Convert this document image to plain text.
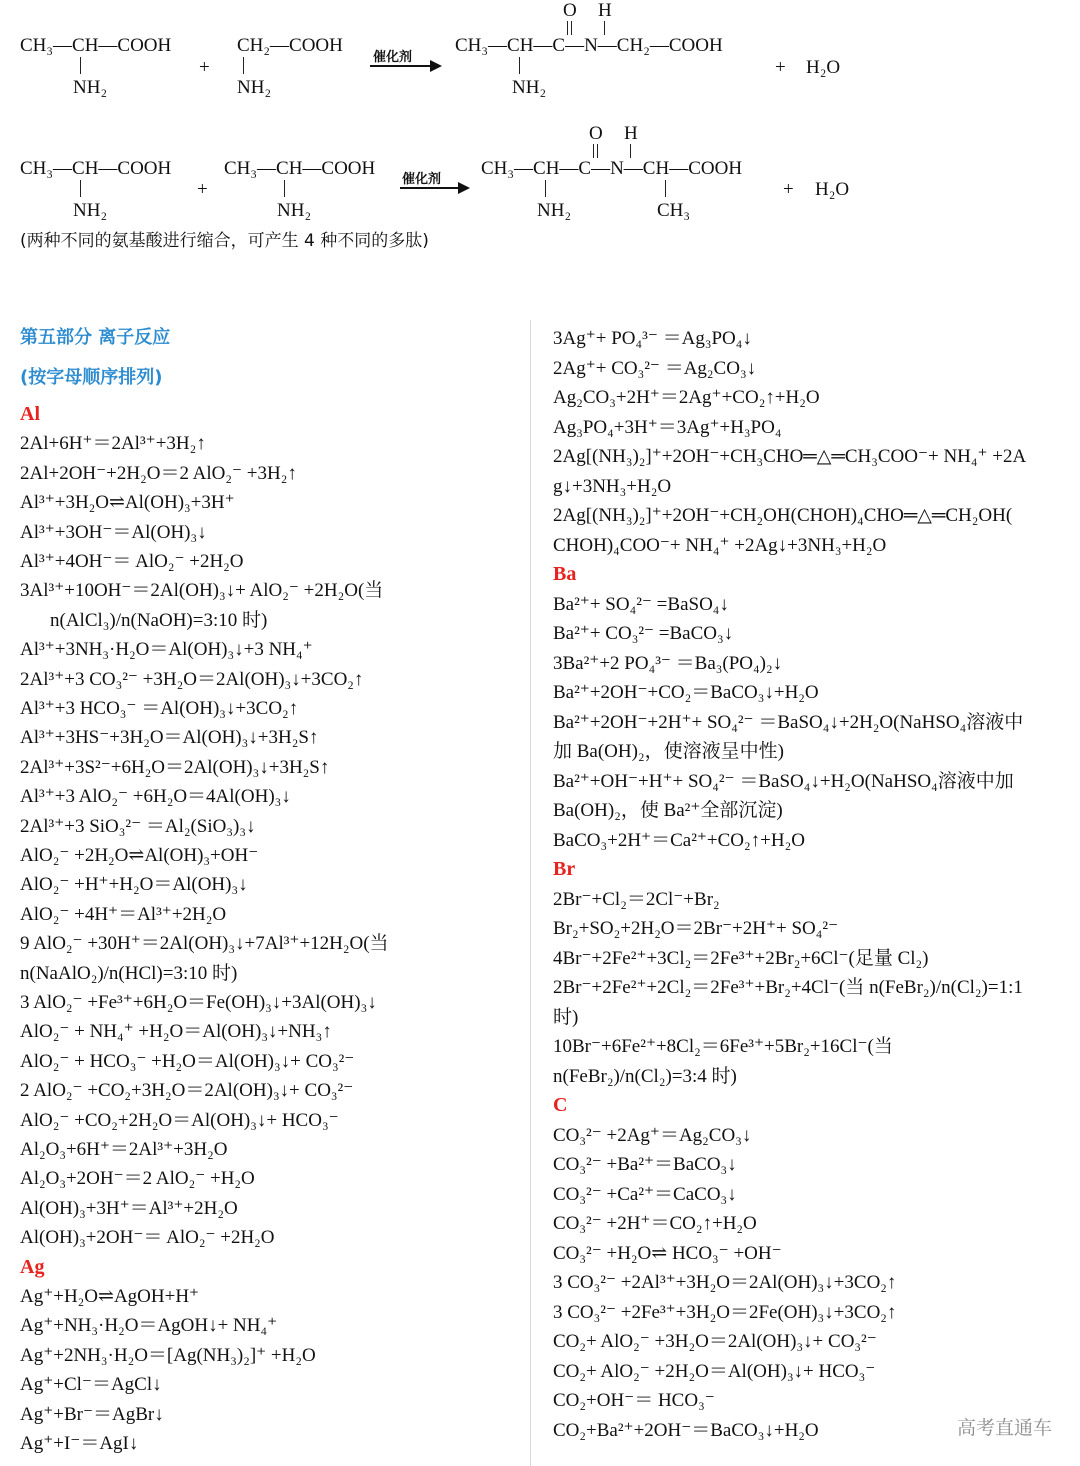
CH₃—CH—COOH
NH₂
+
CH₂—COOH
NH₂
催化剂
O H
CH₃—CH—C—N—CH₂—COOH
NH₂
+ H₂O
CH₃—CH—COOH
NH₂
+
CH₃—CH—COOH
NH₂
催化剂
O H
CH₃—CH—C—N—CH—COOH
NH₂	CH₃
+ H₂O
(两种不同的氨基酸进行缩合，可产生 4 种不同的多肽)
第五部分 离子反应
(按字母顺序排列)
Al
2Al+6H⁺＝2Al³⁺+3H₂↑
2Al+2OH⁻+2H₂O＝2 AlO₂⁻ +3H₂↑
Al³⁺+3H₂O⇌Al(OH)₃+3H⁺
Al³⁺+3OH⁻＝Al(OH)₃↓
Al³⁺+4OH⁻＝ AlO₂⁻ +2H₂O
3Al³⁺+10OH⁻＝2Al(OH)₃↓+ AlO₂⁻ +2H₂O(当
n(AlCl₃)/n(NaOH)=3:10 时)
Al³⁺+3NH₃·H₂O＝Al(OH)₃↓+3 NH₄⁺
2Al³⁺+3 CO₃²⁻ +3H₂O＝2Al(OH)₃↓+3CO₂↑
Al³⁺+3 HCO₃⁻ ＝Al(OH)₃↓+3CO₂↑
Al³⁺+3HS⁻+3H₂O＝Al(OH)₃↓+3H₂S↑
2Al³⁺+3S²⁻+6H₂O＝2Al(OH)₃↓+3H₂S↑
Al³⁺+3 AlO₂⁻ +6H₂O＝4Al(OH)₃↓
2Al³⁺+3 SiO₃²⁻ ＝Al₂(SiO₃)₃↓
AlO₂⁻ +2H₂O⇌Al(OH)₃+OH⁻
AlO₂⁻ +H⁺+H₂O＝Al(OH)₃↓
AlO₂⁻ +4H⁺＝Al³⁺+2H₂O
9 AlO₂⁻ +30H⁺＝2Al(OH)₃↓+7Al³⁺+12H₂O(当
n(NaAlO₂)/n(HCl)=3:10 时)
3 AlO₂⁻ +Fe³⁺+6H₂O＝Fe(OH)₃↓+3Al(OH)₃↓
AlO₂⁻ + NH₄⁺ +H₂O＝Al(OH)₃↓+NH₃↑
AlO₂⁻ + HCO₃⁻ +H₂O＝Al(OH)₃↓+ CO₃²⁻
2 AlO₂⁻ +CO₂+3H₂O＝2Al(OH)₃↓+ CO₃²⁻
AlO₂⁻ +CO₂+2H₂O＝Al(OH)₃↓+ HCO₃⁻
Al₂O₃+6H⁺＝2Al³⁺+3H₂O
Al₂O₃+2OH⁻＝2 AlO₂⁻ +H₂O
Al(OH)₃+3H⁺＝Al³⁺+2H₂O
Al(OH)₃+2OH⁻＝ AlO₂⁻ +2H₂O
Ag
Ag⁺+H₂O⇌AgOH+H⁺
Ag⁺+NH₃·H₂O＝AgOH↓+ NH₄⁺
Ag⁺+2NH₃·H₂O＝[Ag(NH₃)₂]⁺ +H₂O
Ag⁺+Cl⁻＝AgCl↓
Ag⁺+Br⁻＝AgBr↓
Ag⁺+I⁻＝AgI↓
3Ag⁺+ PO₄³⁻ ＝Ag₃PO₄↓
2Ag⁺+ CO₃²⁻ ＝Ag₂CO₃↓
Ag₂CO₃+2H⁺＝2Ag⁺+CO₂↑+H₂O
Ag₃PO₄+3H⁺＝3Ag⁺+H₃PO₄
2Ag[(NH₃)₂]⁺+2OH⁻+CH₃CHO═△═CH₃COO⁻+ NH₄⁺ +2A
g↓+3NH₃+H₂O
2Ag[(NH₃)₂]⁺+2OH⁻+CH₂OH(CHOH)₄CHO═△═CH₂OH(
CHOH)₄COO⁻+ NH₄⁺ +2Ag↓+3NH₃+H₂O
Ba
Ba²⁺+ SO₄²⁻ =BaSO₄↓
Ba²⁺+ CO₃²⁻ =BaCO₃↓
3Ba²⁺+2 PO₄³⁻ ＝Ba₃(PO₄)₂↓
Ba²⁺+2OH⁻+CO₂＝BaCO₃↓+H₂O
Ba²⁺+2OH⁻+2H⁺+ SO₄²⁻ ＝BaSO₄↓+2H₂O(NaHSO₄溶液中
加 Ba(OH)₂，使溶液呈中性)
Ba²⁺+OH⁻+H⁺+ SO₄²⁻ ＝BaSO₄↓+H₂O(NaHSO₄溶液中加
Ba(OH)₂，使 Ba²⁺全部沉淀)
BaCO₃+2H⁺＝Ca²⁺+CO₂↑+H₂O
Br
2Br⁻+Cl₂＝2Cl⁻+Br₂
Br₂+SO₂+2H₂O＝2Br⁻+2H⁺+ SO₄²⁻
4Br⁻+2Fe²⁺+3Cl₂＝2Fe³⁺+2Br₂+6Cl⁻(足量 Cl₂)
2Br⁻+2Fe²⁺+2Cl₂＝2Fe³⁺+Br₂+4Cl⁻(当 n(FeBr₂)/n(Cl₂)=1:1
时)
10Br⁻+6Fe²⁺+8Cl₂＝6Fe³⁺+5Br₂+16Cl⁻(当
n(FeBr₂)/n(Cl₂)=3:4 时)
C
CO₃²⁻ +2Ag⁺＝Ag₂CO₃↓
CO₃²⁻ +Ba²⁺＝BaCO₃↓
CO₃²⁻ +Ca²⁺＝CaCO₃↓
CO₃²⁻ +2H⁺＝CO₂↑+H₂O
CO₃²⁻ +H₂O⇌ HCO₃⁻ +OH⁻
3 CO₃²⁻ +2Al³⁺+3H₂O＝2Al(OH)₃↓+3CO₂↑
3 CO₃²⁻ +2Fe³⁺+3H₂O＝2Fe(OH)₃↓+3CO₂↑
CO₂+ AlO₂⁻ +3H₂O＝2Al(OH)₃↓+ CO₃²⁻
CO₂+ AlO₂⁻ +2H₂O＝Al(OH)₃↓+ HCO₃⁻
CO₂+OH⁻＝ HCO₃⁻
CO₂+Ba²⁺+2OH⁻＝BaCO₃↓+H₂O	高考直通车
